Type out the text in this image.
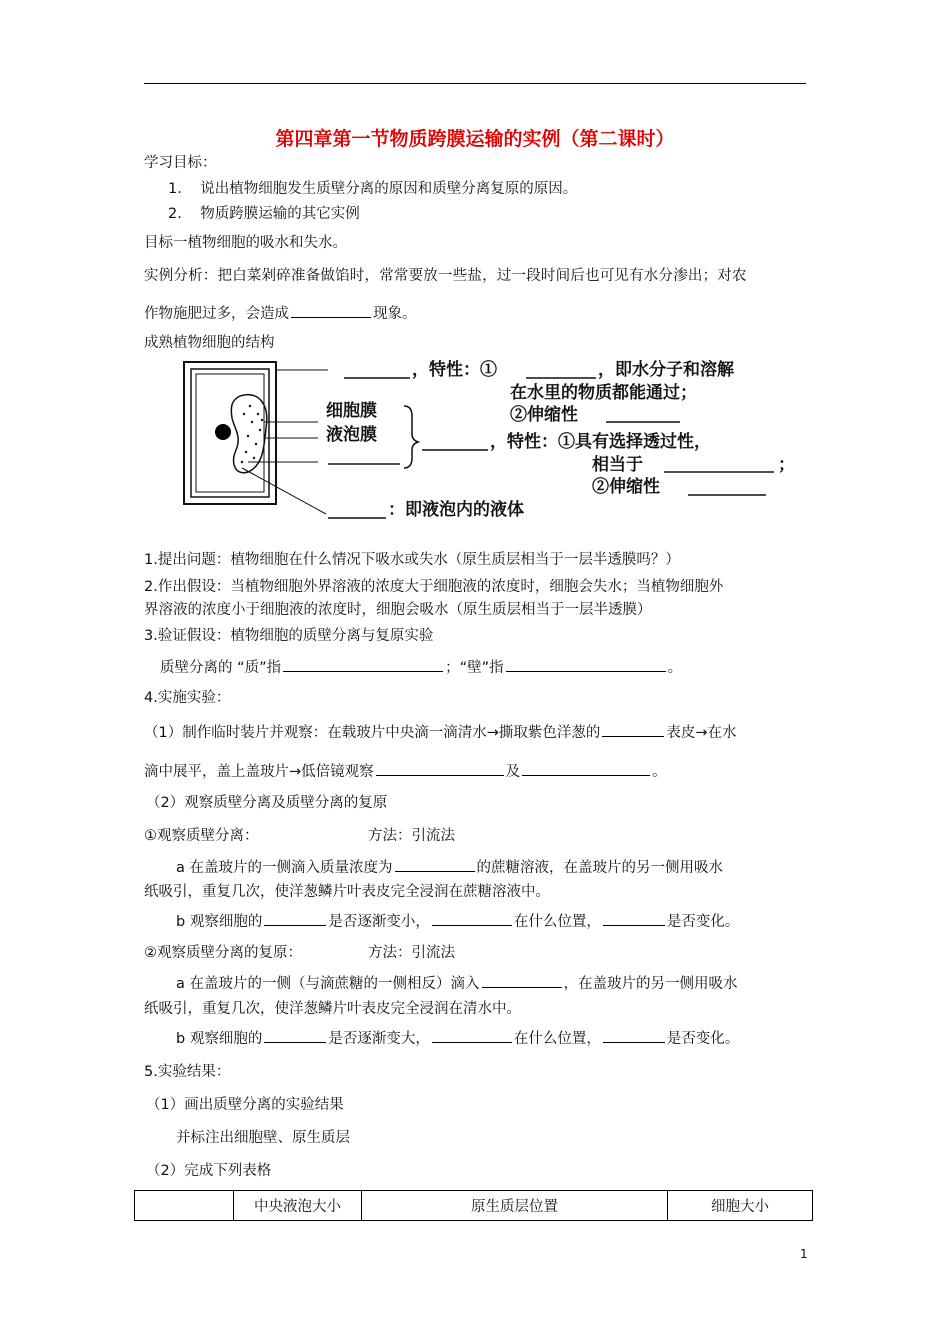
第四章第一节物质跨膜运输的实例（第二课时）
学习目标：
1. 说出植物细胞发生质壁分离的原因和质壁分离复原的原因。
2. 物质跨膜运输的其它实例
目标一植物细胞的吸水和失水。
实例分析：把白菜剁碎准备做馅时，常常要放一些盐，过一段时间后也可见有水分渗出；对农
作物施肥过多，会造成	现象。
成熟植物细胞的结构
，特性：①	，即水分子和溶解
在水里的物质都能通过；
②伸缩性
细胞膜
液泡膜	，特性：①具有选择透过性，
相当于	；
②伸缩性
：即液泡内的液体
1.提出问题：植物细胞在什么情况下吸水或失水（原生质层相当于一层半透膜吗？）
2.作出假设：当植物细胞外界溶液的浓度大于细胞液的浓度时，细胞会失水；当植物细胞外
界溶液的浓度小于细胞液的浓度时，细胞会吸水（原生质层相当于一层半透膜）
3.验证假设：植物细胞的质壁分离与复原实验
质壁分离的 “质”指	；“壁”指	。
4.实施实验：
（1）制作临时装片并观察：在载玻片中央滴一滴清水→撕取紫色洋葱的	表皮→在水
滴中展平，盖上盖玻片→低倍镜观察	及	。
（2）观察质壁分离及质壁分离的复原
①观察质壁分离：	方法：引流法
a 在盖玻片的一侧滴入质量浓度为	的蔗糖溶液，在盖玻片的另一侧用吸水
纸吸引，重复几次，使洋葱鳞片叶表皮完全浸润在蔗糖溶液中。
b 观察细胞的	是否逐渐变小，	在什么位置，	是否变化。
②观察质壁分离的复原：	方法：引流法
a 在盖玻片的一侧（与滴蔗糖的一侧相反）滴入	，在盖玻片的另一侧用吸水
纸吸引，重复几次，使洋葱鳞片叶表皮完全浸润在清水中。
b 观察细胞的	是否逐渐变大，	在什么位置，	是否变化。
5.实验结果：
（1）画出质壁分离的实验结果
并标注出细胞壁、原生质层
（2）完成下列表格
	中央液泡大小	原生质层位置	细胞大小
1
